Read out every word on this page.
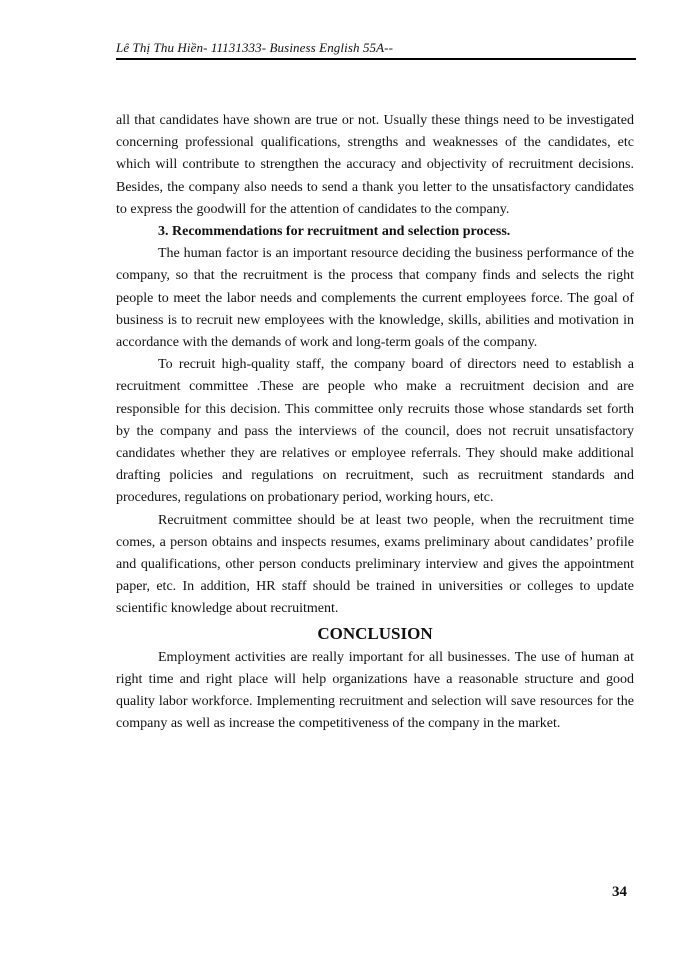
Lê Thị Thu Hiền- 11131333- Business English 55A--

all that candidates have shown are true or not. Usually these things need to be investigated concerning professional qualifications, strengths and weaknesses of the candidates, etc which will contribute to strengthen the accuracy and objectivity of recruitment decisions. Besides, the company also needs to send a thank you letter to the unsatisfactory candidates to express the goodwill for the attention of candidates to the company.

3. Recommendations for recruitment and selection process.

The human factor is an important resource deciding the business performance of the company, so that the recruitment is the process that company finds and selects the right people to meet the labor needs and complements the current employees force. The goal of business is to recruit new employees with the knowledge, skills, abilities and motivation in accordance with the demands of work and long-term goals of the company.

To recruit high-quality staff, the company board of directors need to establish a recruitment committee .These are people who make a recruitment decision and are responsible for this decision. This committee only recruits those whose standards set forth by the company and pass the interviews of the council, does not recruit unsatisfactory candidates whether they are relatives or employee referrals. They should make additional drafting policies and regulations on recruitment, such as recruitment standards and procedures, regulations on probationary period, working hours, etc.

Recruitment committee should be at least two people, when the recruitment time comes, a person obtains and inspects resumes, exams preliminary about candidates’ profile and qualifications, other person conducts preliminary interview and gives the appointment paper, etc. In addition, HR staff should be trained in universities or colleges to update scientific knowledge about recruitment.

CONCLUSION

Employment activities are really important for all businesses. The use of human at right time and right place will help organizations have a reasonable structure and good quality labor workforce. Implementing recruitment and selection will save resources for the company as well as increase the competitiveness of the company in the market.

34
